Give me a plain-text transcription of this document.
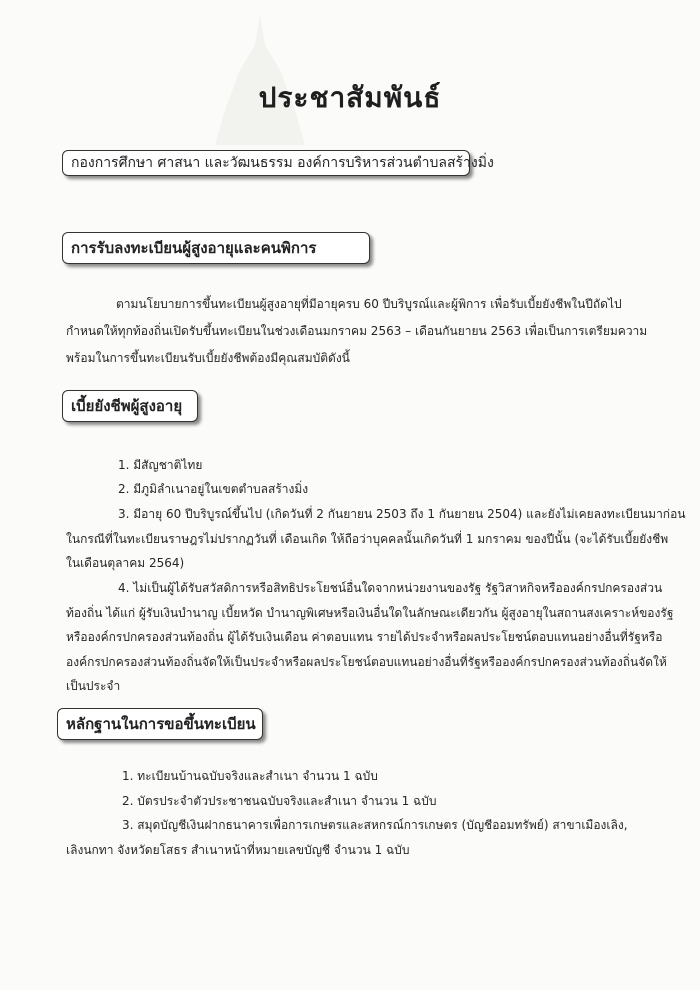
ประชาสัมพันธ์
กองการศึกษา ศาสนา และวัฒนธรรม องค์การบริหารส่วนตำบลสร้างมิ่ง
การรับลงทะเบียนผู้สูงอายุและคนพิการ
ตามนโยบายการขึ้นทะเบียนผู้สูงอายุที่มีอายุครบ 60 ปีบริบูรณ์และผู้พิการ เพื่อรับเบี้ยยังชีพในปีถัดไป
กำหนดให้ทุกท้องถิ่นเปิดรับขึ้นทะเบียนในช่วงเดือนมกราคม 2563 – เดือนกันยายน 2563 เพื่อเป็นการเตรียมความ
พร้อมในการขึ้นทะเบียนรับเบี้ยยังชีพต้องมีคุณสมบัติดังนี้
เบี้ยยังชีพผู้สูงอายุ
1. มีสัญชาติไทย
2. มีภูมิลำเนาอยู่ในเขตตำบลสร้างมิ่ง
3. มีอายุ 60 ปีบริบูรณ์ขึ้นไป (เกิดวันที่ 2 กันยายน 2503 ถึง 1 กันยายน 2504) และยังไม่เคยลงทะเบียนมาก่อน
ในกรณีที่ในทะเบียนราษฎรไม่ปรากฏวันที่ เดือนเกิด ให้ถือว่าบุคคลนั้นเกิดวันที่ 1 มกราคม ของปีนั้น (จะได้รับเบี้ยยังชีพ
ในเดือนตุลาคม 2564)
4. ไม่เป็นผู้ได้รับสวัสดิการหรือสิทธิประโยชน์อื่นใดจากหน่วยงานของรัฐ รัฐวิสาหกิจหรือองค์กรปกครองส่วน
ท้องถิ่น ได้แก่ ผู้รับเงินบำนาญ เบี้ยหวัด บำนาญพิเศษหรือเงินอื่นใดในลักษณะเดียวกัน ผู้สูงอายุในสถานสงเคราะห์ของรัฐ
หรือองค์กรปกครองส่วนท้องถิ่น ผู้ได้รับเงินเดือน ค่าตอบแทน รายได้ประจำหรือผลประโยชน์ตอบแทนอย่างอื่นที่รัฐหรือ
องค์กรปกครองส่วนท้องถิ่นจัดให้เป็นประจำหรือผลประโยชน์ตอบแทนอย่างอื่นที่รัฐหรือองค์กรปกครองส่วนท้องถิ่นจัดให้
เป็นประจำ
หลักฐานในการขอขึ้นทะเบียน
1. ทะเบียนบ้านฉบับจริงและสำเนา จำนวน 1 ฉบับ
2. บัตรประจำตัวประชาชนฉบับจริงและสำเนา จำนวน 1 ฉบับ
3. สมุดบัญชีเงินฝากธนาคารเพื่อการเกษตรและสหกรณ์การเกษตร (บัญชีออมทรัพย์) สาขาเมืองเลิง,
เลิงนกทา จังหวัดยโสธร สำเนาหน้าที่หมายเลขบัญชี จำนวน 1 ฉบับ
